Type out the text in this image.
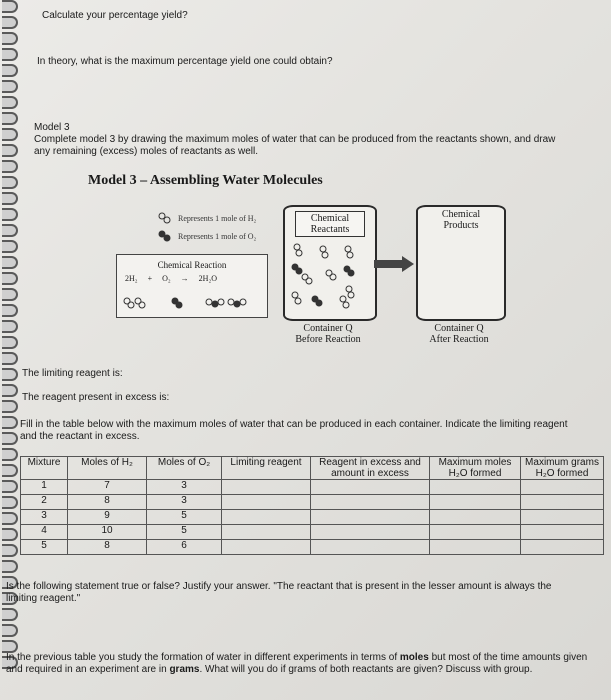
Calculate your percentage yield?
In theory, what is the maximum percentage yield one could obtain?
Model 3
Complete model 3 by drawing the maximum moles of water that can be produced from the reactants shown, and draw any remaining (excess) moles of reactants as well.
Model 3 – Assembling Water Molecules
Represents 1 mole of H₂
Represents 1 mole of O₂
Chemical Reaction
2H₂ + O₂ → 2H₂O
Chemical Reactants
Container Q
Before Reaction
Chemical Products
Container Q
After Reaction
The limiting reagent is:
The reagent present in excess is:
Fill in the table below with the maximum moles of water that can be produced in each container. Indicate the limiting reagent and the reactant in excess.
Mixture	Moles of H₂	Moles of O₂	Limiting reagent	Reagent in excess and amount in excess	Maximum moles H₂O formed	Maximum grams H₂O formed
1	7	3				
2	8	3				
3	9	5				
4	10	5				
5	8	6				
Is the following statement true or false? Justify your answer. "The reactant that is present in the lesser amount is always the limiting reagent."
In the previous table you study the formation of water in different experiments in terms of moles but most of the time amounts given and required in an experiment are in grams. What will you do if grams of both reactants are given? Discuss with group.
